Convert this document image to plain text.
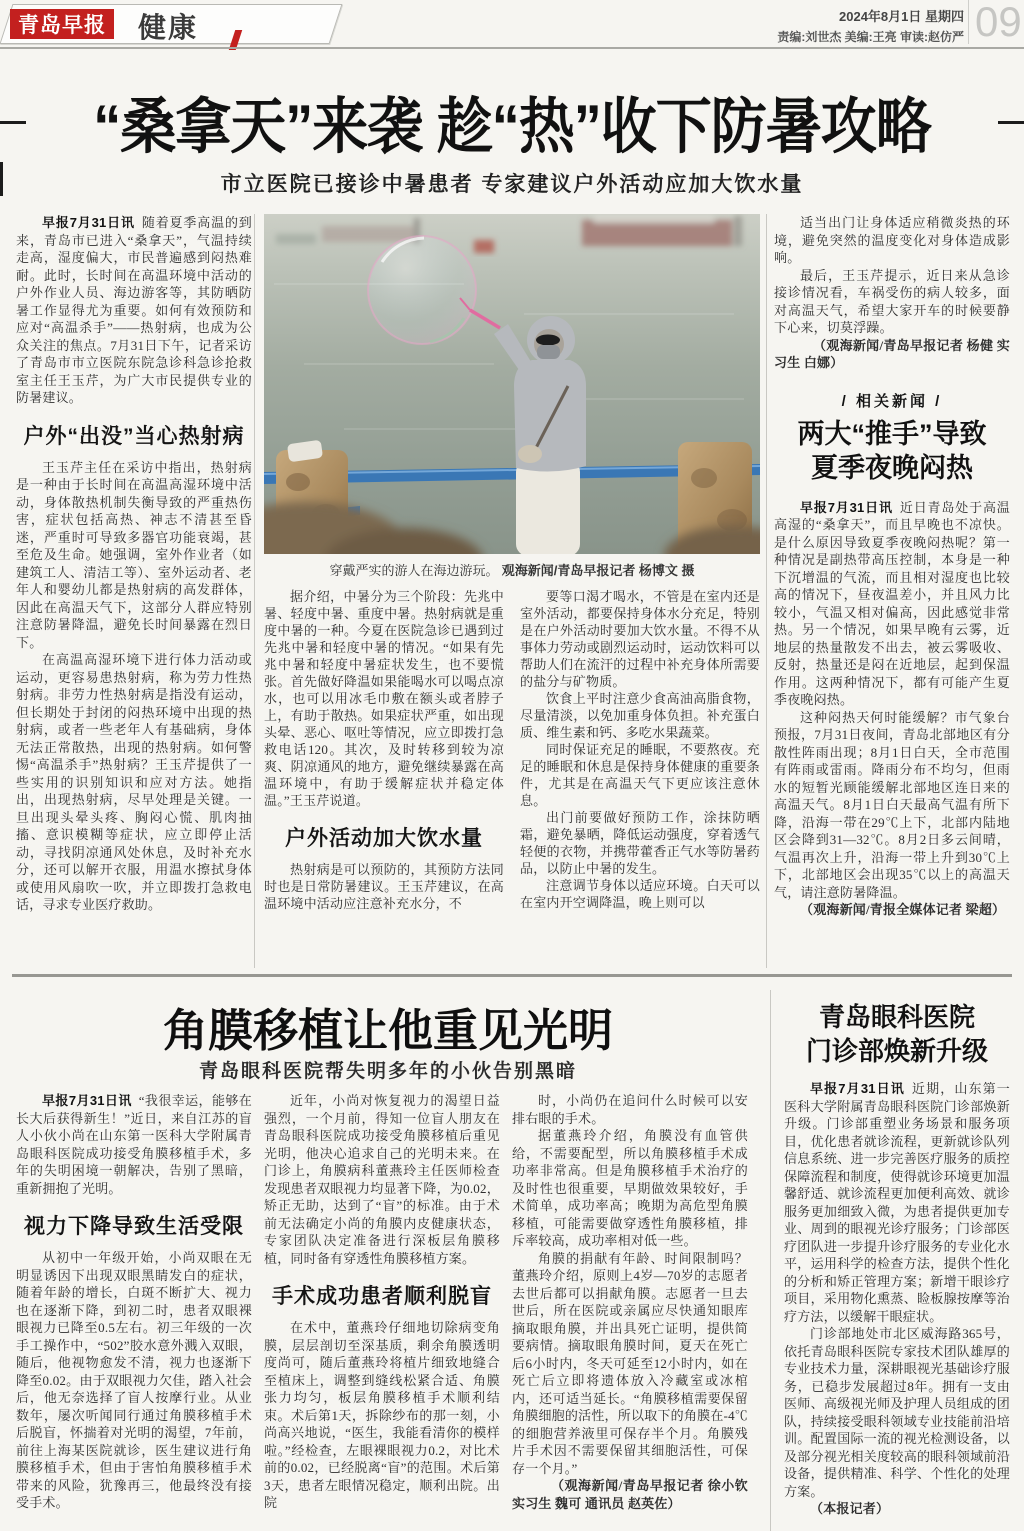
青岛早报 健康	2024年8月1日 星期四
责编:刘世杰 美编:王亮 审读:赵仿严 09
“桑拿天”来袭 趁“热”收下防暑攻略
市立医院已接诊中暑患者 专家建议户外活动应加大饮水量

早报7月31日讯 随着夏季高温的到来，青岛市已进入“桑拿天”，气温持续走高，湿度偏大，市民普遍感到闷热难耐。此时，长时间在高温环境中活动的户外作业人员、海边游客等，其防晒防暑工作显得尤为重要。如何有效预防和应对“高温杀手”——热射病，也成为公众关注的焦点。7月31日下午，记者采访了青岛市市立医院东院急诊科急诊抢救室主任王玉芹，为广大市民提供专业的防暑建议。

户外“出没”当心热射病

王玉芹主任在采访中指出，热射病是一种由于长时间在高温高湿环境中活动，身体散热机制失衡导致的严重热伤害，症状包括高热、神志不清甚至昏迷，严重时可导致多器官功能衰竭，甚至危及生命。她强调，室外作业者（如建筑工人、清洁工等）、室外运动者、老年人和婴幼儿都是热射病的高发群体，因此在高温天气下，这部分人群应特别注意防暑降温，避免长时间暴露在烈日下。

在高温高湿环境下进行体力活动或运动，更容易患热射病，称为劳力性热射病。非劳力性热射病是指没有运动，但长期处于封闭的闷热环境中出现的热射病，或者一些老年人有基础病，身体无法正常散热，出现的热射病。如何警惕“高温杀手”热射病？王玉芹提供了一些实用的识别知识和应对方法。她指出，出现热射病，尽早处理是关键。一旦出现头晕头疼、胸闷心慌、肌肉抽搐、意识模糊等症状，应立即停止活动，寻找阴凉通风处休息，及时补充水分，还可以解开衣服，用温水擦拭身体或使用风扇吹一吹，并立即拨打急救电话，寻求专业医疗救助。

穿戴严实的游人在海边游玩。 观海新闻/青岛早报记者 杨博文 摄

据介绍，中暑分为三个阶段：先兆中暑、轻度中暑、重度中暑。热射病就是重度中暑的一种。今夏在医院急诊已遇到过先兆中暑和轻度中暑的情况。“如果有先兆中暑和轻度中暑症状发生，也不要慌张。首先做好降温如果能喝水可以喝点凉水，也可以用冰毛巾敷在额头或者脖子上，有助于散热。如果症状严重，如出现头晕、恶心、呕吐等情况，应立即拨打急救电话120。其次，及时转移到较为凉爽、阴凉通风的地方，避免继续暴露在高温环境中，有助于缓解症状并稳定体温。”王玉芹说道。

户外活动加大饮水量

热射病是可以预防的，其预防方法同时也是日常防暑建议。王玉芹建议，在高温环境中活动应注意补充水分，不

要等口渴才喝水，不管是在室内还是室外活动，都要保持身体水分充足，特别是在户外活动时要加大饮水量。不得不从事体力劳动或剧烈运动时，运动饮料可以帮助人们在流汗的过程中补充身体所需要的盐分与矿物质。

饮食上平时注意少食高油高脂食物，尽量清淡，以免加重身体负担。补充蛋白质、维生素和钙、多吃水果蔬菜。

同时保证充足的睡眠，不要熬夜。充足的睡眠和休息是保持身体健康的重要条件，尤其是在高温天气下更应该注意休息。

出门前要做好预防工作，涂抹防晒霜，避免暴晒，降低运动强度，穿着透气轻便的衣物，并携带藿香正气水等防暑药品，以防止中暑的发生。

注意调节身体以适应环境。白天可以在室内开空调降温，晚上则可以

适当出门让身体适应稍微炎热的环境，避免突然的温度变化对身体造成影响。

最后，王玉芹提示，近日来从急诊接诊情况看，车祸受伤的病人较多，面对高温天气，希望大家开车的时候要静下心来，切莫浮躁。

（观海新闻/青岛早报记者 杨健 实习生 白娜）

/ 相关新闻 /
两大“推手”导致
夏季夜晚闷热

早报7月31日讯 近日青岛处于高温高湿的“桑拿天”，而且早晚也不凉快。是什么原因导致夏季夜晚闷热呢？第一种情况是副热带高压控制，本身是一种下沉增温的气流，而且相对湿度也比较高的情况下，昼夜温差小，并且风力比较小，气温又相对偏高，因此感觉非常热。另一个情况，如果早晚有云雾，近地层的热量散发不出去，被云雾吸收、反射，热量还是闷在近地层，起到保温作用。这两种情况下，都有可能产生夏季夜晚闷热。

这种闷热天何时能缓解？市气象台预报，7月31日夜间，青岛北部地区有分散性阵雨出现；8月1日白天，全市范围有阵雨或雷雨。降雨分布不均匀，但雨水的短暂光顾能缓解北部地区连日来的高温天气。8月1日白天最高气温有所下降，沿海一带在29℃上下，北部内陆地区会降到31—32℃。8月2日多云间晴，气温再次上升，沿海一带上升到30℃上下，北部地区会出现35℃以上的高温天气，请注意防暑降温。

（观海新闻/青报全媒体记者 梁超）

角膜移植让他重见光明
青岛眼科医院帮失明多年的小伙告别黑暗

早报7月31日讯 “我很幸运，能够在长大后获得新生！”近日，来自江苏的盲人小伙小尚在山东第一医科大学附属青岛眼科医院成功接受角膜移植手术，多年的失明困境一朝解决，告别了黑暗，重新拥抱了光明。

视力下降导致生活受限

从初中一年级开始，小尚双眼在无明显诱因下出现双眼黑睛发白的症状，随着年龄的增长，白斑不断扩大、视力也在逐渐下降，到初二时，患者双眼裸眼视力已降至0.5左右。初三年级的一次手工操作中，“502”胶水意外溅入双眼，随后，他视物愈发不清，视力也逐渐下降至0.02。由于双眼视力欠佳，踏入社会后，他无奈选择了盲人按摩行业。从业数年，屡次听闻同行通过角膜移植手术后脱盲，怀揣着对光明的渴望，7年前，前往上海某医院就诊，医生建议进行角膜移植手术，但由于害怕角膜移植手术带来的风险，犹豫再三，他最终没有接受手术。

近年，小尚对恢复视力的渴望日益强烈，一个月前，得知一位盲人朋友在青岛眼科医院成功接受角膜移植后重见光明，他决心追求自己的光明未来。在门诊上，角膜病科董燕玲主任医师检查发现患者双眼视力均显著下降，为0.02，矫正无助，达到了“盲”的标准。由于术前无法确定小尚的角膜内皮健康状态，专家团队决定准备进行深板层角膜移植，同时备有穿透性角膜移植方案。

手术成功患者顺利脱盲

在术中，董燕玲仔细地切除病变角膜，层层剖切至深基质，剩余角膜透明度尚可，随后董燕玲将植片细致地缝合至植床上，调整到缝线松紧合适、角膜张力均匀，板层角膜移植手术顺利结束。术后第1天，拆除纱布的那一刻，小尚高兴地说，“医生，我能看清你的模样啦。”经检查，左眼裸眼视力0.2，对比术前的0.02，已经脱离“盲”的范围。术后第3天，患者左眼情况稳定，顺利出院。出院

时，小尚仍在追问什么时候可以安排右眼的手术。

据董燕玲介绍，角膜没有血管供给，不需要配型，所以角膜移植手术成功率非常高。但是角膜移植手术治疗的及时性也很重要，早期做效果较好，手术简单，成功率高；晚期为高危型角膜移植，可能需要做穿透性角膜移植，排斥率较高，成功率相对低一些。

角膜的捐献有年龄、时间限制吗？董燕玲介绍，原则上4岁—70岁的志愿者去世后都可以捐献角膜。志愿者一旦去世后，所在医院或亲属应尽快通知眼库摘取眼角膜，并出具死亡证明，提供简要病情。摘取眼角膜时间，夏天在死亡后6小时内，冬天可延至12小时内，如在死亡后立即将遗体放入冷藏室或冰棺内，还可适当延长。“角膜移植需要保留角膜细胞的活性，所以取下的角膜在-4℃的细胞营养液里可保存半个月。角膜残片手术因不需要保留其细胞活性，可保存一个月。”

（观海新闻/青岛早报记者 徐小钦 实习生 魏可 通讯员 赵英佐）

青岛眼科医院
门诊部焕新升级

早报7月31日讯 近期，山东第一医科大学附属青岛眼科医院门诊部焕新升级。门诊部重塑业务场景和服务项目，优化患者就诊流程，更新就诊队列信息系统、进一步完善医疗服务的质控保障流程和制度，使得就诊环境更加温馨舒适、就诊流程更加便利高效、就诊服务更加细致入微，为患者提供更加专业、周到的眼视光诊疗服务；门诊部医疗团队进一步提升诊疗服务的专业化水平，运用科学的检查方法，提供个性化的分析和矫正管理方案；新增干眼诊疗项目，采用物化熏蒸、睑板腺按摩等治疗方法，以缓解干眼症状。

门诊部地处市北区威海路365号，依托青岛眼科医院专家技术团队雄厚的专业技术力量，深耕眼视光基础诊疗服务，已稳步发展超过8年。拥有一支由医师、高级视光师及护理人员组成的团队，持续接受眼科领域专业技能前沿培训。配置国际一流的视光检测设备，以及部分视光相关度较高的眼科领域前沿设备，提供精准、科学、个性化的处理方案。

（本报记者）
